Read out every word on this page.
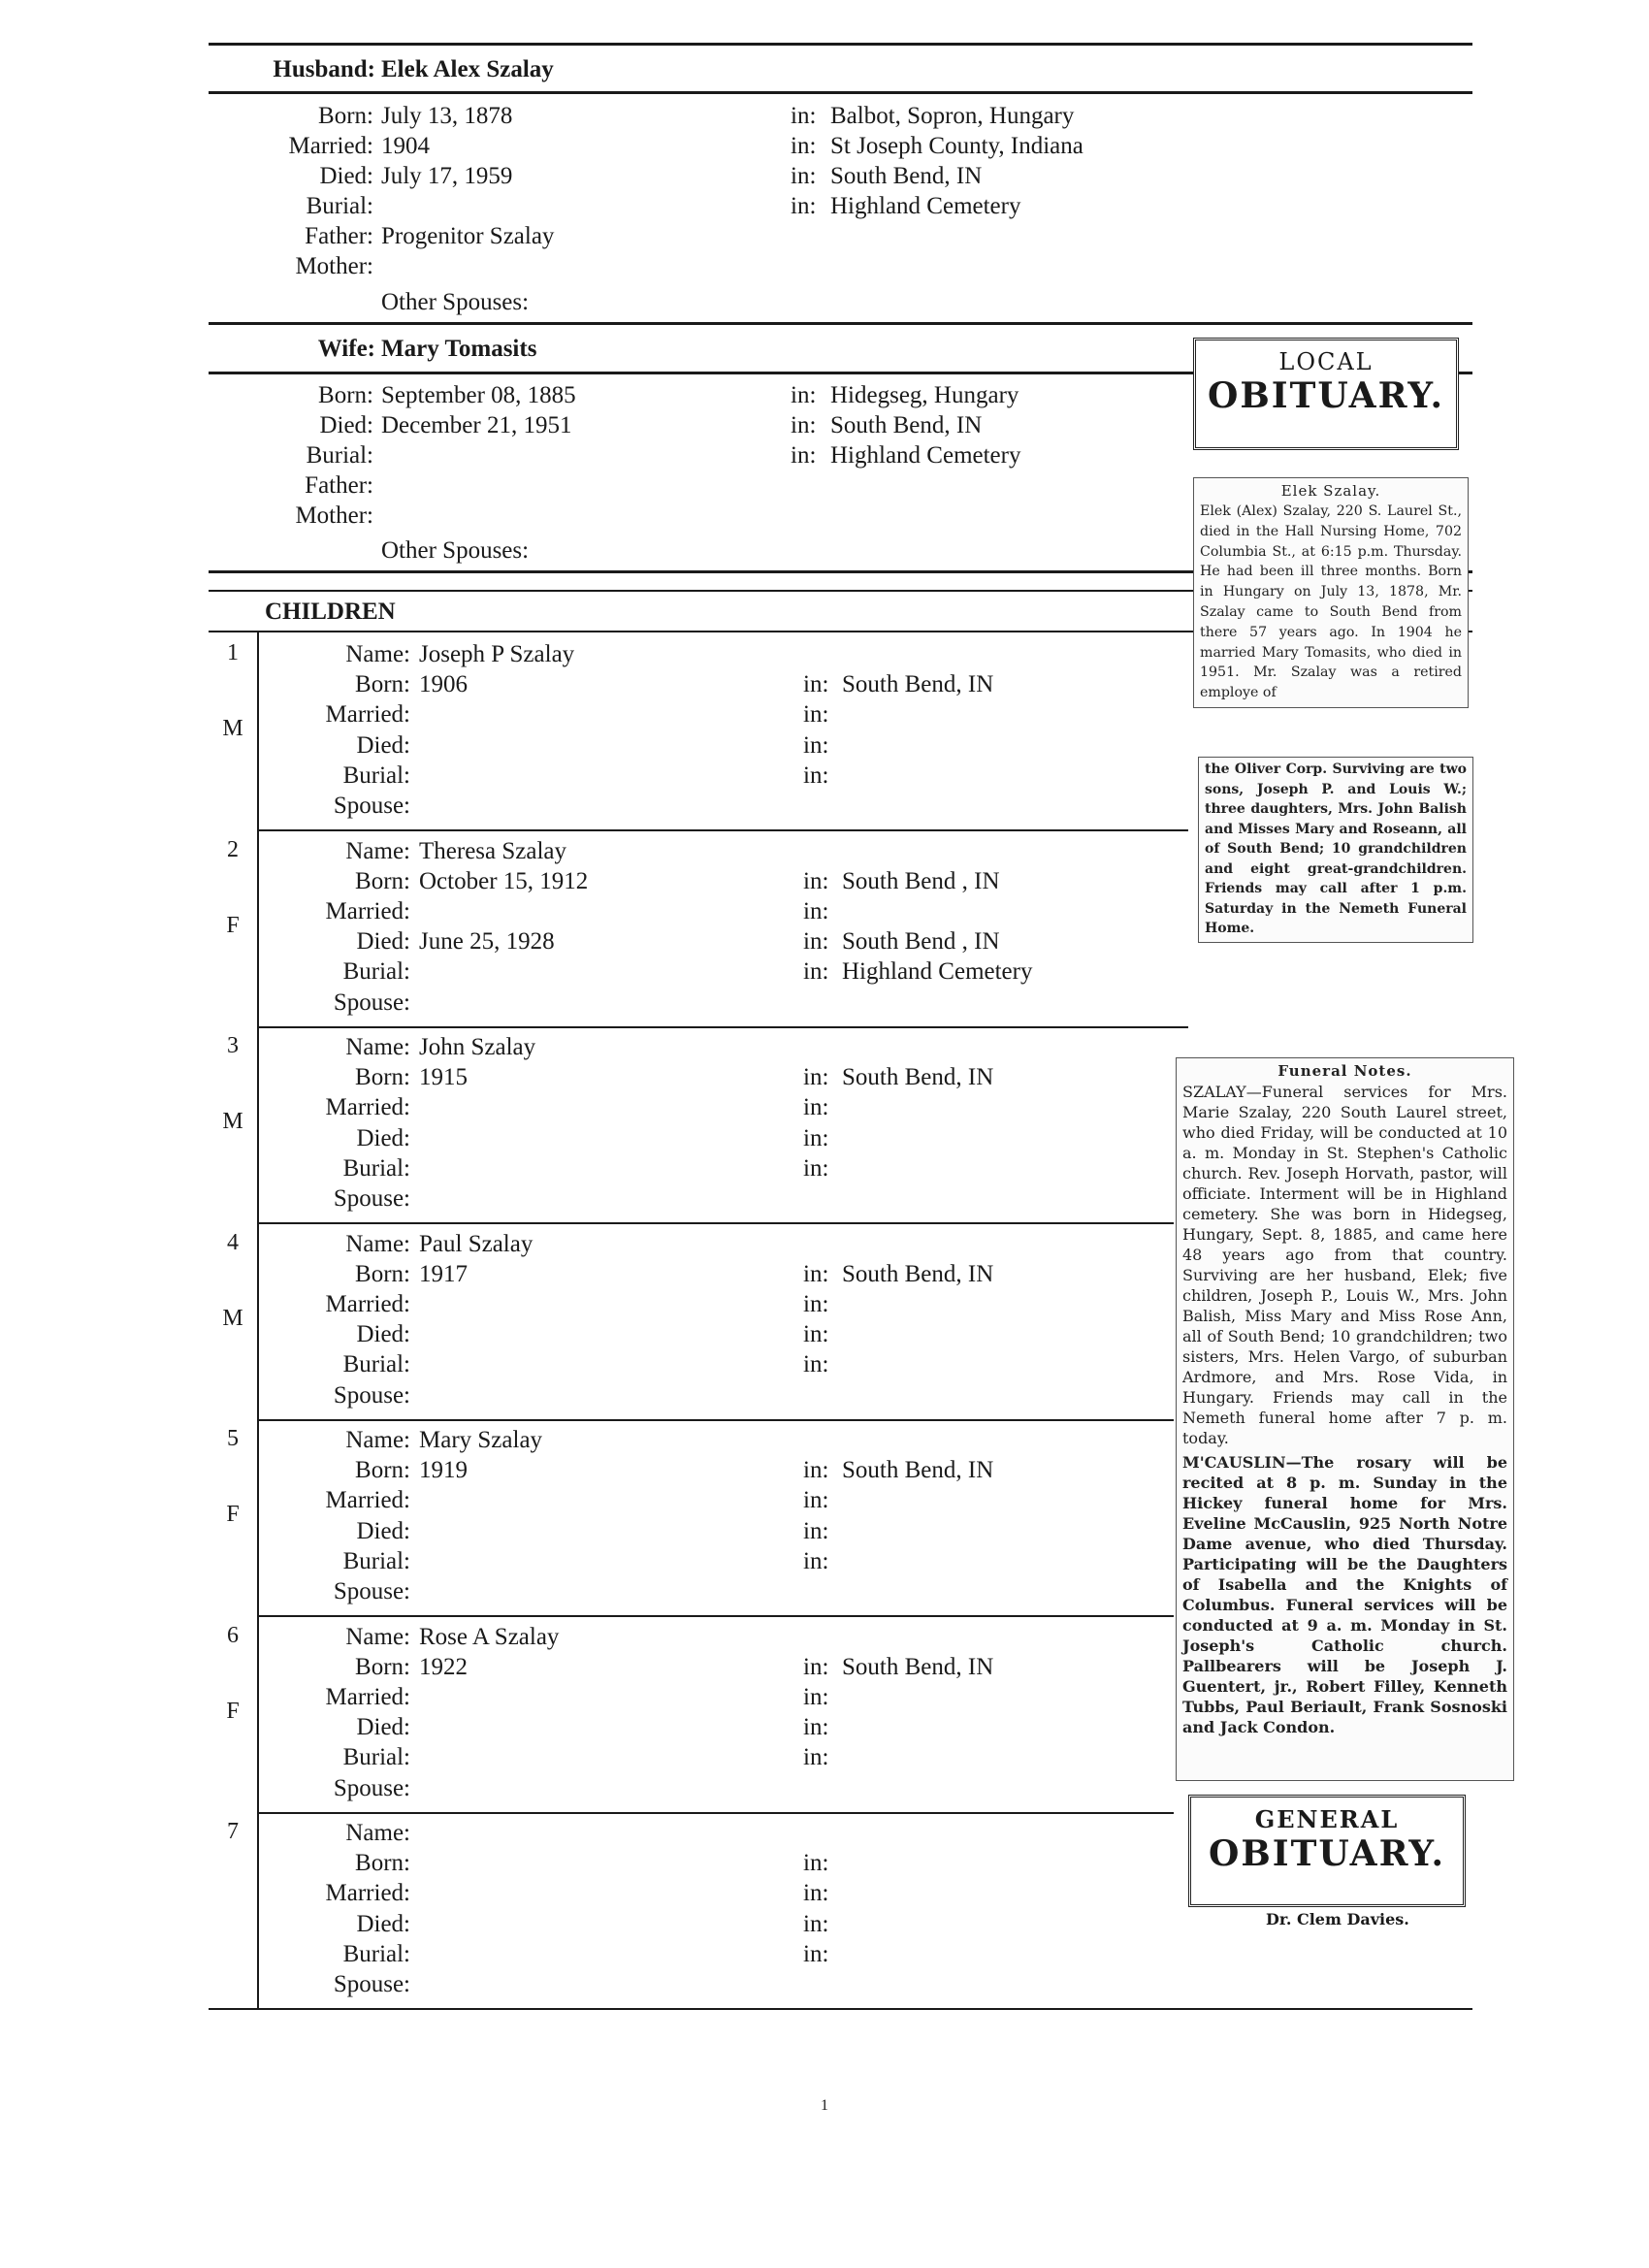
Husband: Elek Alex Szalay
Born: July 13, 1878	in: Balbot, Sopron, Hungary
Married: 1904	in: St Joseph County, Indiana
Died: July 17, 1959	in: South Bend, IN
Burial:	in: Highland Cemetery
Father: Progenitor Szalay
Mother:
Other Spouses:
Wife: Mary Tomasits
Born: September 08, 1885	in: Hidegseg, Hungary
Died: December 21, 1951	in: South Bend, IN
Burial:	in: Highland Cemetery
Father:
Mother:
Other Spouses:
CHILDREN
1
M
Name: Joseph P Szalay
Born: 1906	in: South Bend, IN
Married:	in:
Died:	in:
Burial:	in:
Spouse:
2
F
Name: Theresa Szalay
Born: October 15, 1912	in: South Bend , IN
Married:	in:
Died: June 25, 1928	in: South Bend , IN
Burial:	in: Highland Cemetery
Spouse:
3
M
Name: John Szalay
Born: 1915	in: South Bend, IN
Married:	in:
Died:	in:
Burial:	in:
Spouse:
4
M
Name: Paul Szalay
Born: 1917	in: South Bend, IN
Married:	in:
Died:	in:
Burial:	in:
Spouse:
5
F
Name: Mary Szalay
Born: 1919	in: South Bend, IN
Married:	in:
Died:	in:
Burial:	in:
Spouse:
6
F
Name: Rose A Szalay
Born: 1922	in: South Bend, IN
Married:	in:
Died:	in:
Burial:	in:
Spouse:
7	Name:
Born:	in:
Married:	in:
Died:	in:
Burial:	in:
Spouse:
LOCAL
OBITUARY.
Elek Szalay.
Elek (Alex) Szalay, 220 S. Laurel St., died in the Hall Nursing Home, 702 Columbia St., at 6:15 p.m. Thursday. He had been ill three months. Born in Hungary on July 13, 1878, Mr. Szalay came to South Bend from there 57 years ago. In 1904 he married Mary Tomasits, who died in 1951. Mr. Szalay was a retired employe of
the Oliver Corp. Surviving are two sons, Joseph P. and Louis W.; three daughters, Mrs. John Balish and Misses Mary and Roseann, all of South Bend; 10 grandchildren and eight great-grandchildren. Friends may call after 1 p.m. Saturday in the Nemeth Funeral Home.
Funeral Notes.
SZALAY—Funeral services for Mrs. Marie Szalay, 220 South Laurel street, who died Friday, will be conducted at 10 a. m. Monday in St. Stephen's Catholic church. Rev. Joseph Horvath, pastor, will officiate. Interment will be in Highland cemetery. She was born in Hidegseg, Hungary, Sept. 8, 1885, and came here 48 years ago from that country. Surviving are her husband, Elek; five children, Joseph P., Louis W., Mrs. John Balish, Miss Mary and Miss Rose Ann, all of South Bend; 10 grandchildren; two sisters, Mrs. Helen Vargo, of suburban Ardmore, and Mrs. Rose Vida, in Hungary. Friends may call in the Nemeth funeral home after 7 p. m. today.
M'CAUSLIN—The rosary will be recited at 8 p. m. Sunday in the Hickey funeral home for Mrs. Eveline McCauslin, 925 North Notre Dame avenue, who died Thursday. Participating will be the Daughters of Isabella and the Knights of Columbus. Funeral services will be conducted at 9 a. m. Monday in St. Joseph's Catholic church. Pallbearers will be Joseph J. Guentert, jr., Robert Filley, Kenneth Tubbs, Paul Beriault, Frank Sosnoski and Jack Condon.
GENERAL
OBITUARY.
Dr. Clem Davies.
1
